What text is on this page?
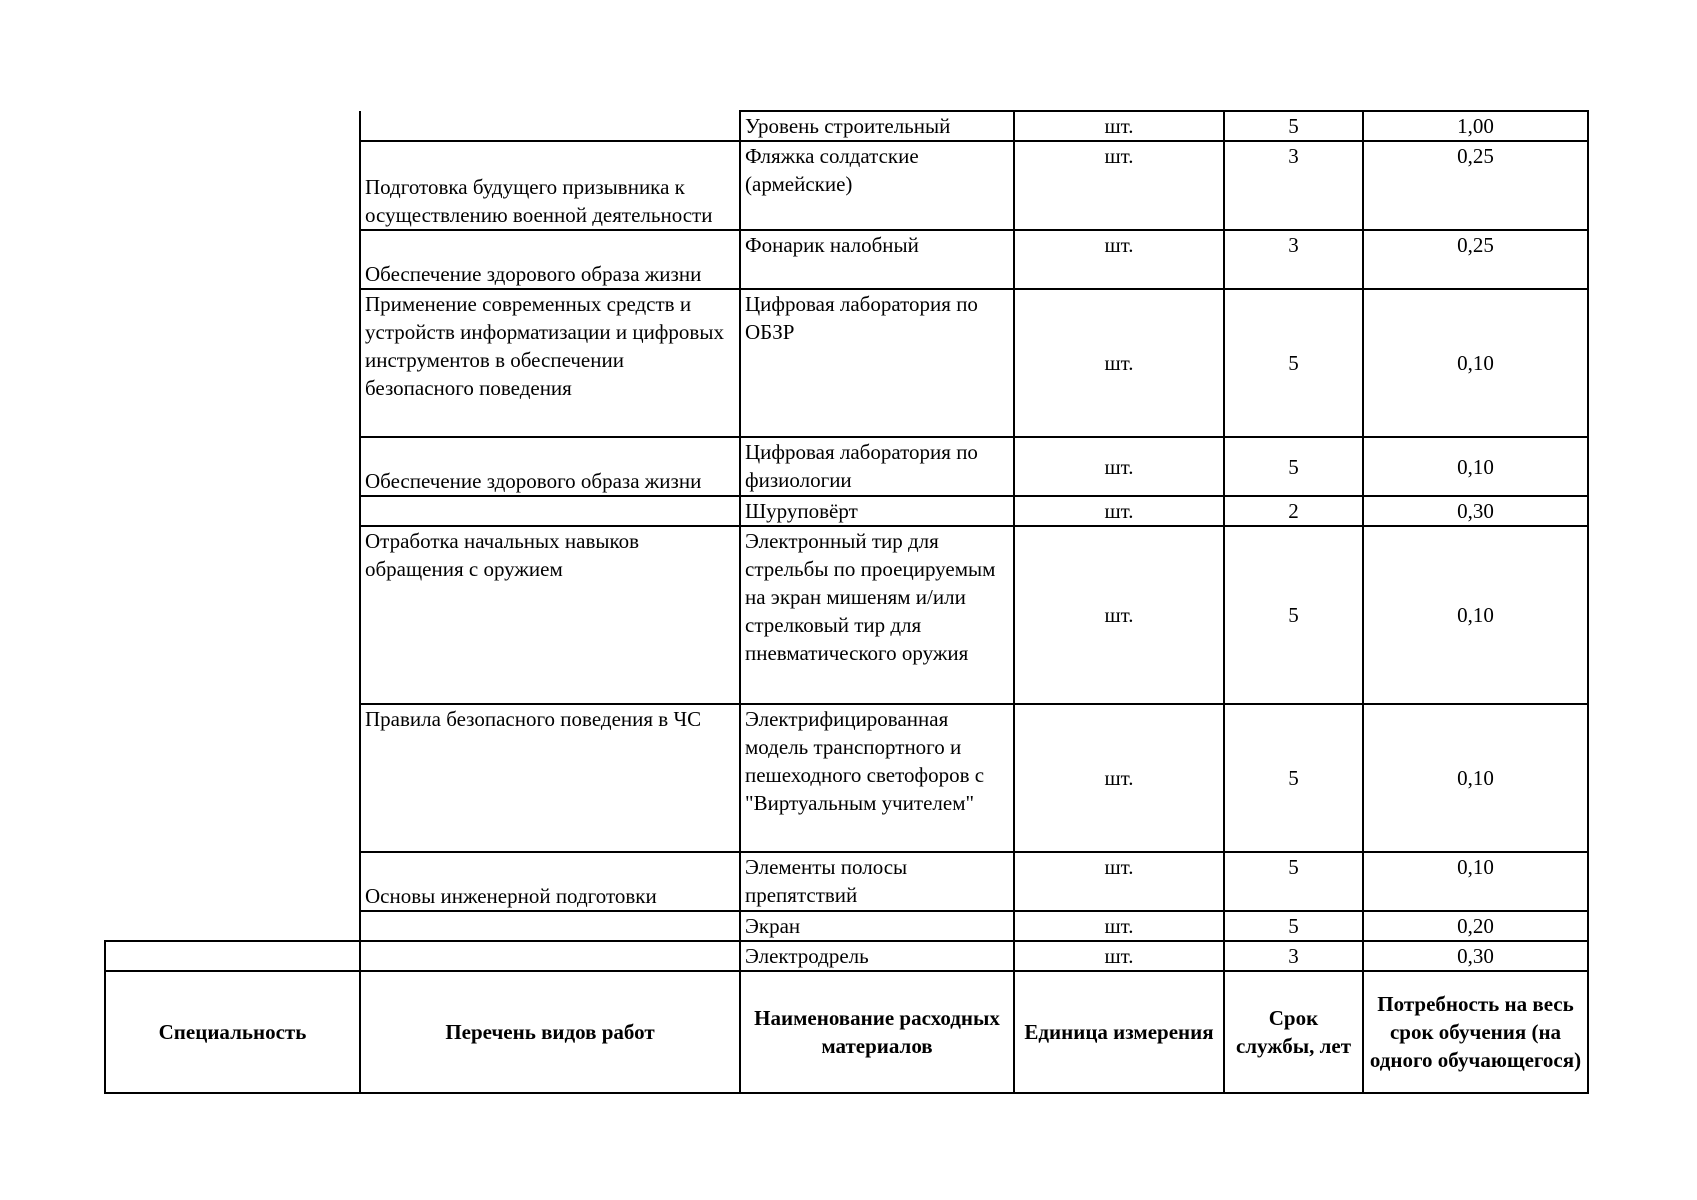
		Уровень строительный	шт.	5	1,00
	Подготовка будущего призывника к осуществлению военной деятельности	Фляжка солдатские (армейские)	шт.	3	0,25
	Обеспечение здорового образа жизни	Фонарик налобный	шт.	3	0,25
	Применение современных средств и устройств информатизации и цифровых инструментов в обеспечении безопасного поведения	Цифровая лаборатория по ОБЗР	шт.	5	0,10
	Обеспечение здорового образа жизни	Цифровая лаборатория по физиологии	шт.	5	0,10
		Шуруповёрт	шт.	2	0,30
	Отработка начальных навыков обращения с оружием	Электронный тир для стрельбы по проецируемым на экран мишеням и/или стрелковый тир для пневматического оружия	шт.	5	0,10
	Правила безопасного поведения в ЧС	Электрифицированная модель транспортного и пешеходного светофоров с "Виртуальным учителем"	шт.	5	0,10
	Основы инженерной подготовки	Элементы полосы препятствий	шт.	5	0,10
		Экран	шт.	5	0,20
		Электродрель	шт.	3	0,30
Специальность	Перечень видов работ	Наименование расходных материалов	Единица измерения	Срок службы, лет	Потребность на весь срок обучения (на одного обучающегося)
